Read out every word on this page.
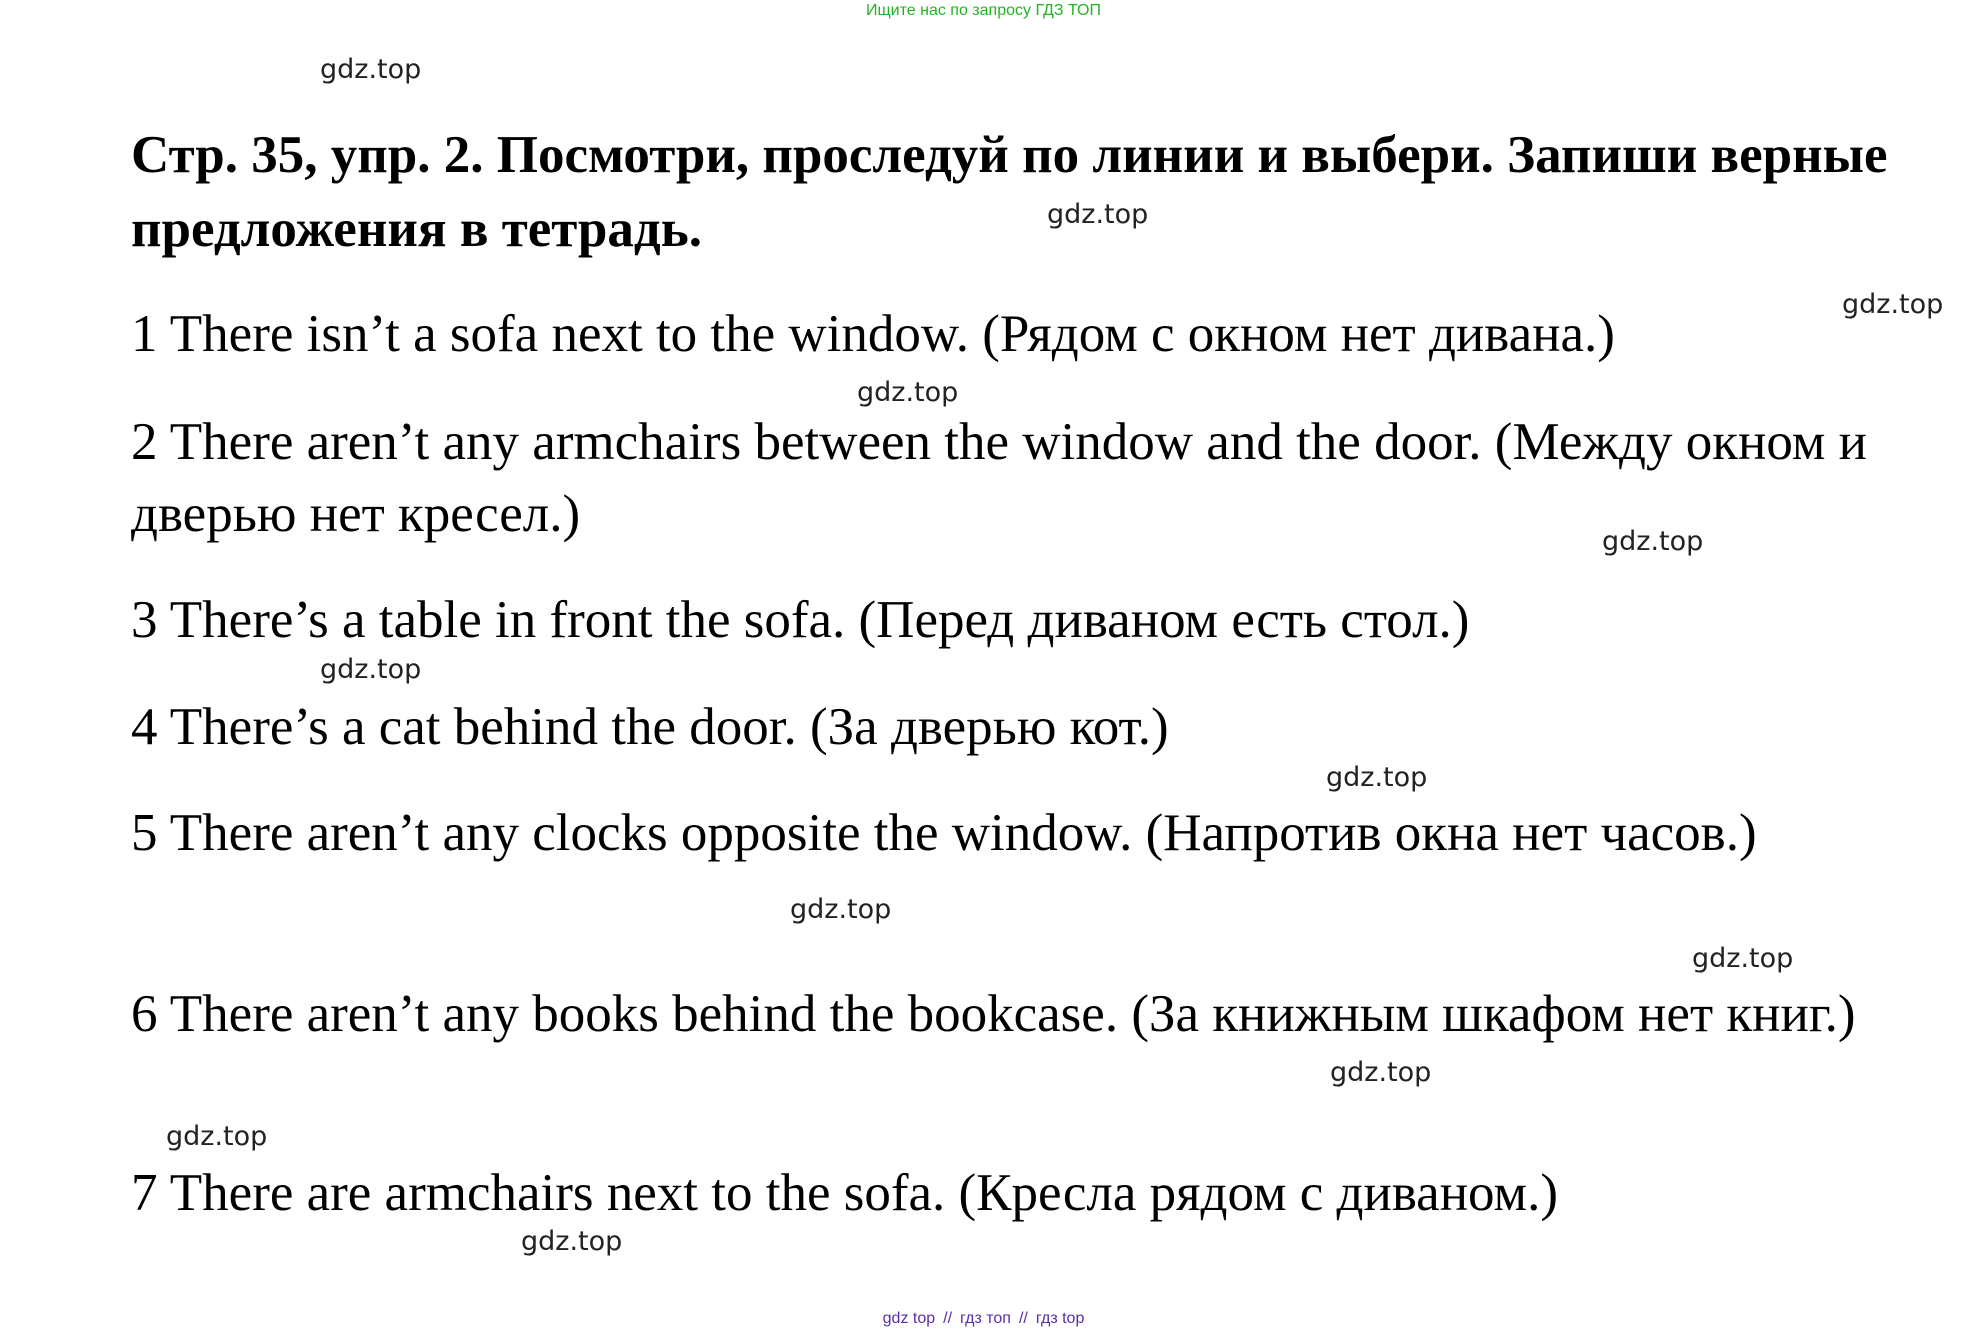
Ищите нас по запросу ГДЗ ТОП
gdz.top
Стр. 35, упр. 2. Посмотри, проследуй по линии и выбери. Запиши верные предложения в тетрадь.	gdz.top
gdz.top

1 There isn’t a sofa next to the window. (Рядом с окном нет дивана.)

gdz.top

2 There aren’t any armchairs between the window and the door. (Между окном и дверью нет кресел.)	gdz.top

3 There’s a table in front the sofa. (Перед диваном есть стол.)

gdz.top

4 There’s a cat behind the door. (За дверью кот.)

gdz.top

5 There aren’t any clocks opposite the window. (Напротив окна нет часов.)

gdz.top
gdz.top

6 There aren’t any books behind the bookcase. (За книжным шкафом нет книг.)

gdz.top
gdz.top

7 There are armchairs next to the sofa. (Кресла рядом с диваном.)

gdz.top
gdz top // гдз топ // гдз top
